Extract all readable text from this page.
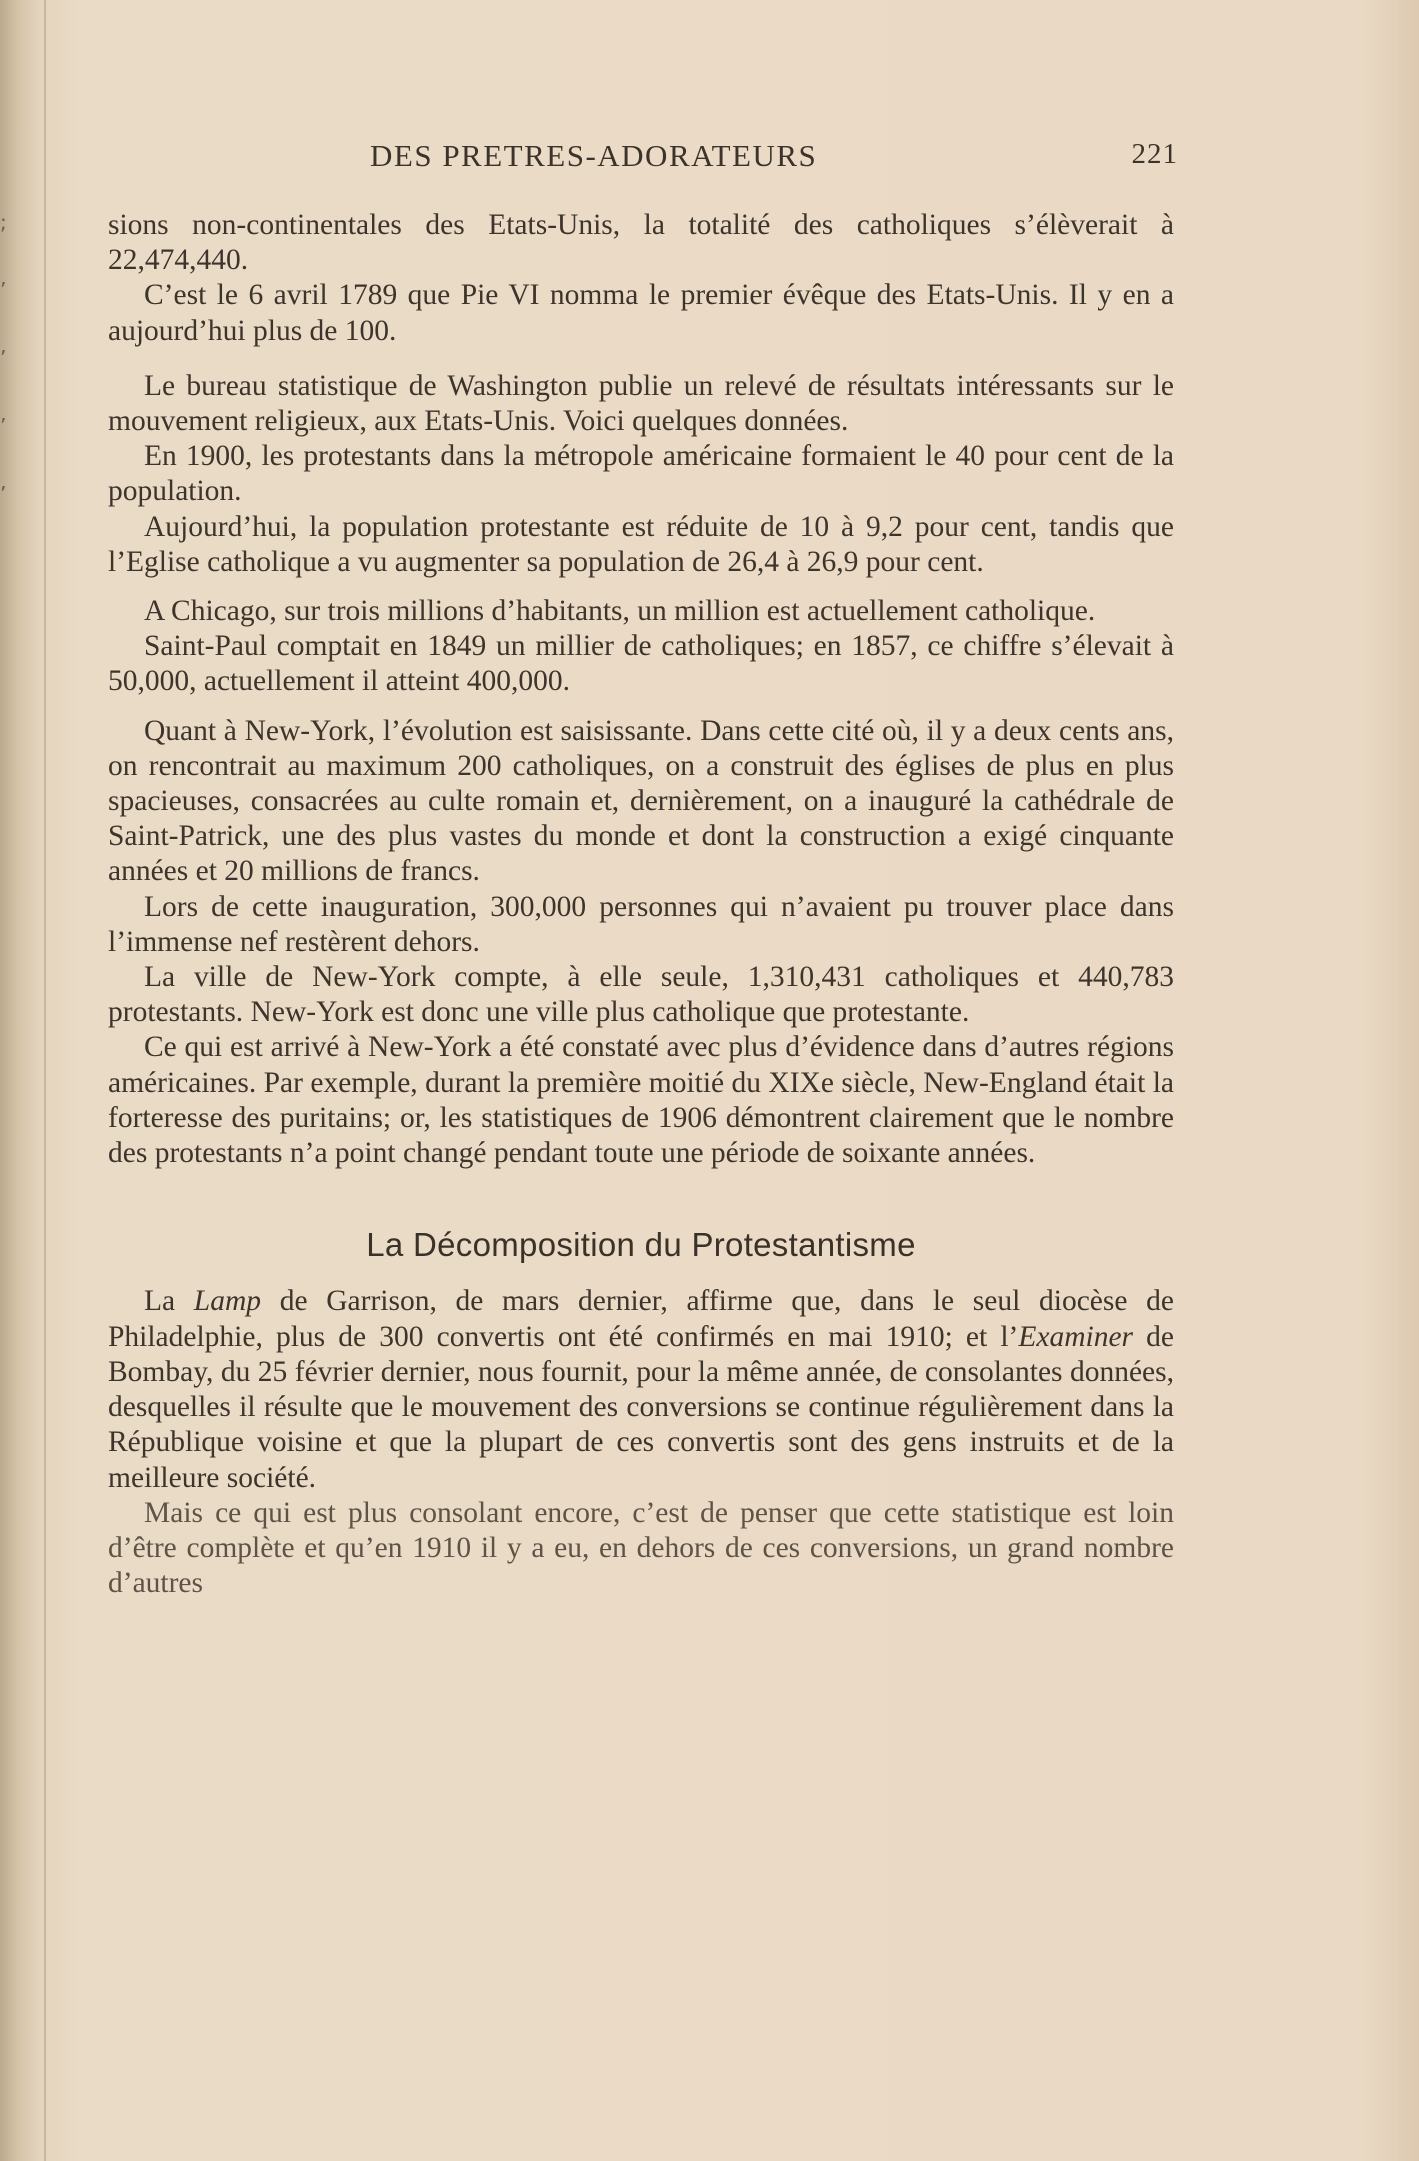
;
’
’
’
’
DES PRETRES-ADORATEURS	221

sions non-continentales des Etats-Unis, la totalité des catholiques s’élèverait à 22,474,440.

C’est le 6 avril 1789 que Pie VI nomma le premier évêque des Etats-Unis. Il y en a aujourd’hui plus de 100.

Le bureau statistique de Washington publie un relevé de résultats intéressants sur le mouvement religieux, aux Etats-Unis. Voici quelques données.

En 1900, les protestants dans la métropole américaine formaient le 40 pour cent de la population.

Aujourd’hui, la population protestante est réduite de 10 à 9,2 pour cent, tandis que l’Eglise catholique a vu augmenter sa population de 26,4 à 26,9 pour cent.

A Chicago, sur trois millions d’habitants, un million est actuellement catholique.

Saint-Paul comptait en 1849 un millier de catholiques; en 1857, ce chiffre s’élevait à 50,000, actuellement il atteint 400,000.

Quant à New-York, l’évolution est saisissante. Dans cette cité où, il y a deux cents ans, on rencontrait au maximum 200 catholiques, on a construit des églises de plus en plus spacieuses, consacrées au culte romain et, dernièrement, on a inauguré la cathédrale de Saint-Patrick, une des plus vastes du monde et dont la construction a exigé cinquante années et 20 millions de francs.

Lors de cette inauguration, 300,000 personnes qui n’avaient pu trouver place dans l’immense nef restèrent dehors.

La ville de New-York compte, à elle seule, 1,310,431 catholiques et 440,783 protestants. New-York est donc une ville plus catholique que protestante.

Ce qui est arrivé à New-York a été constaté avec plus d’évidence dans d’autres régions américaines. Par exemple, durant la première moitié du XIXe siècle, New-England était la forteresse des puritains; or, les statistiques de 1906 démontrent clairement que le nombre des protestants n’a point changé pendant toute une période de soixante années.

La Décomposition du Protestantisme

La Lamp de Garrison, de mars dernier, affirme que, dans le seul diocèse de Philadelphie, plus de 300 convertis ont été confirmés en mai 1910; et l’Examiner de Bombay, du 25 février dernier, nous fournit, pour la même année, de consolantes données, desquelles il résulte que le mouvement des conversions se continue régulièrement dans la République voisine et que la plupart de ces convertis sont des gens instruits et de la meilleure société.

Mais ce qui est plus consolant encore, c’est de penser que cette statistique est loin d’être complète et qu’en 1910 il y a eu, en dehors de ces conversions, un grand nombre d’autres
